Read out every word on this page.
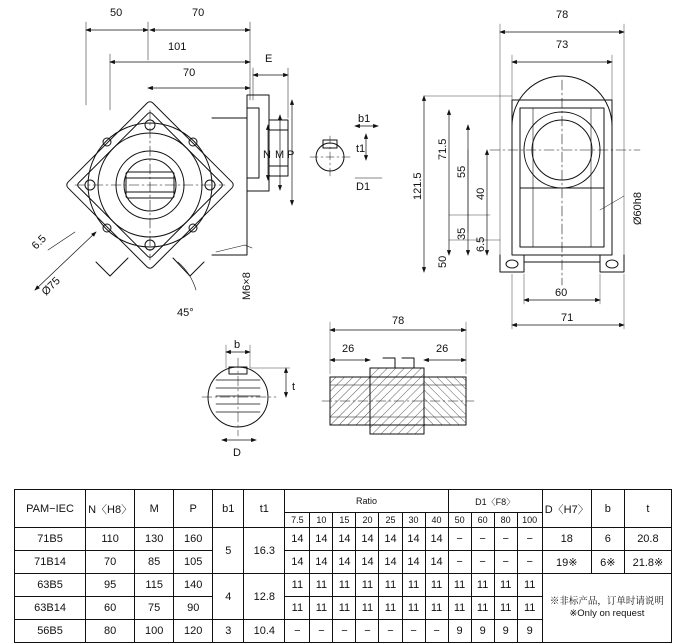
50	70
101
70
E
N M P
b1
t1
D1
6.5
Ø75
45°
M6×8
78
73
121.5
71.5
55
40
35
6.5
50
60
71
Ø60h8
b
t
D
78
26	26
PAM−IEC	N〈H8〉	M	P	b1	t1	Ratio							D1〈F8〉				D〈H7〉	b	t
						7.5	10	15	20	25	30	40	50	60	80	100			
71B5	110	130	160	5	16.3	14	14	14	14	14	14	14	−	−	−	−	18	6	20.8
71B14	70	85	105			14	14	14	14	14	14	14	−	−	−	−	19※	6※	21.8※
63B5	95	115	140	4	12.8	11	11	11	11	11	11	11	11	11	11	11	※非标产品，订单时请说明
※Only on request		
63B14	60	75	90			11	11	11	11	11	11	11	11	11	11	11			
56B5	80	100	120	3	10.4	−	−	−	−	−	−	−	9	9	9	9			
